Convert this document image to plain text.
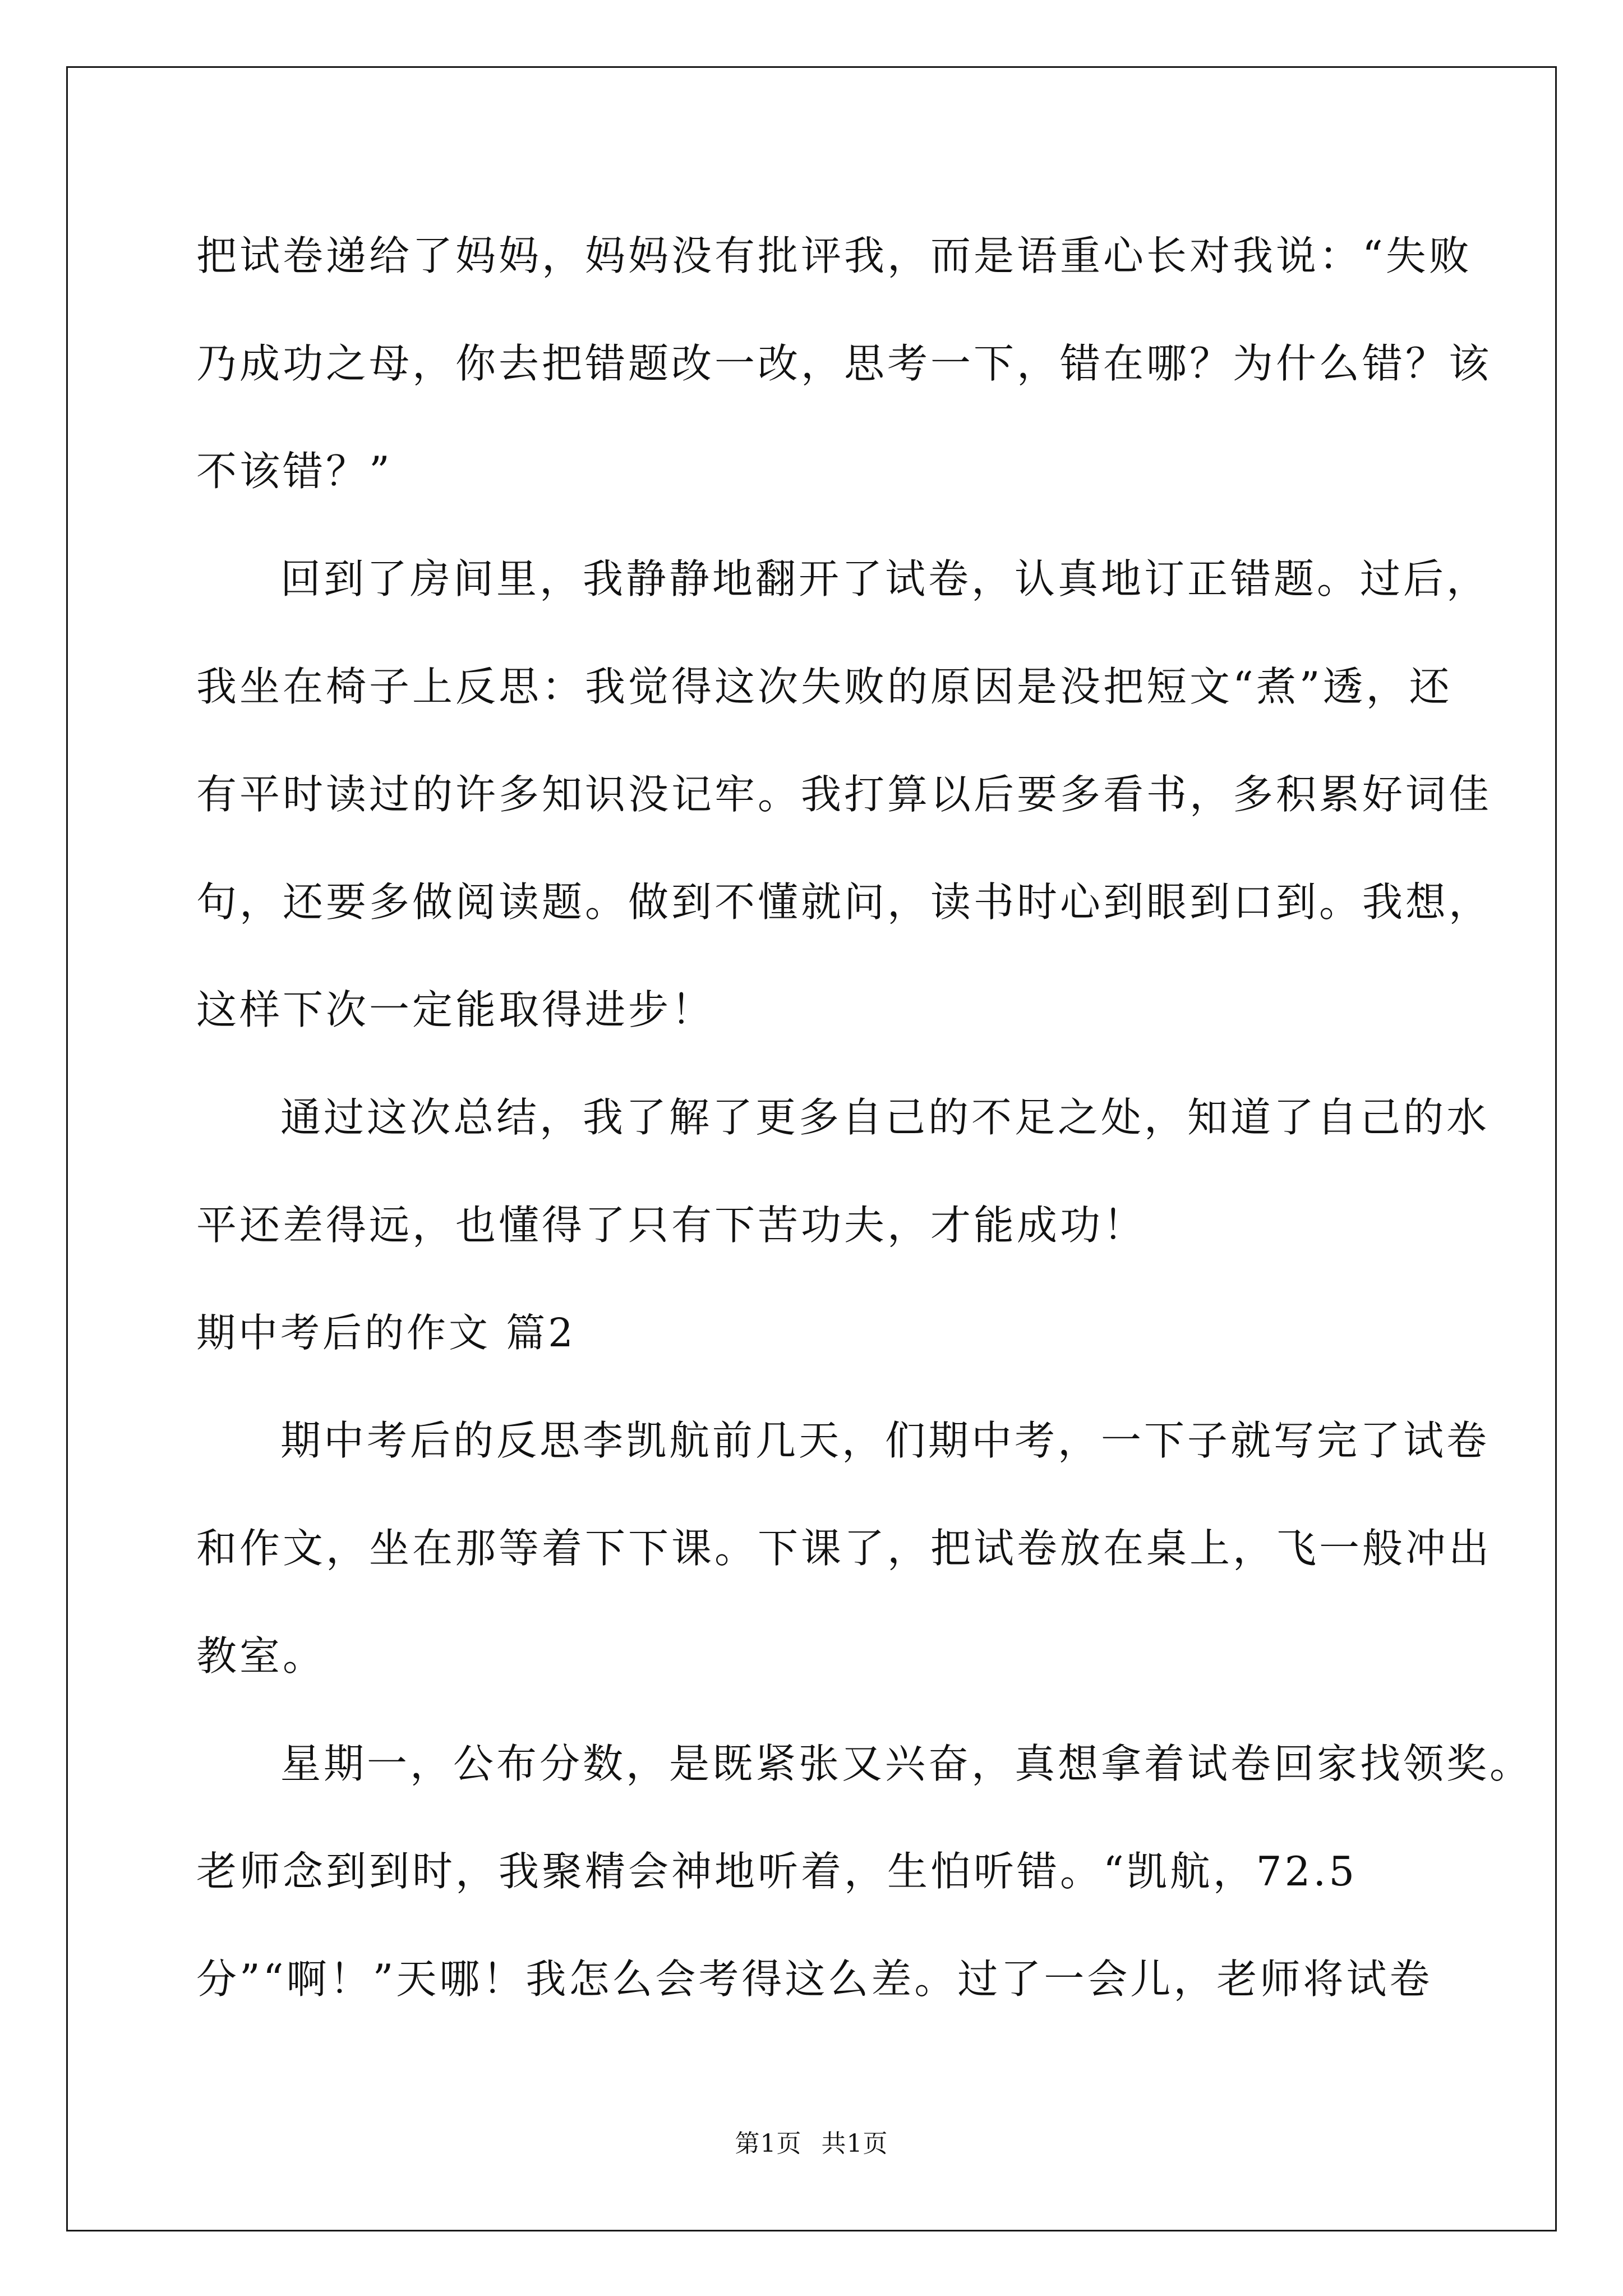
把试卷递给了妈妈，妈妈没有批评我，而是语重心长对我说：“失败
乃成功之母，你去把错题改一改，思考一下，错在哪？为什么错？该
不该错？”
回到了房间里，我静静地翻开了试卷，认真地订正错题。过后，
我坐在椅子上反思：我觉得这次失败的原因是没把短文“煮”透，还
有平时读过的许多知识没记牢。我打算以后要多看书，多积累好词佳
句，还要多做阅读题。做到不懂就问，读书时心到眼到口到。我想，
这样下次一定能取得进步！
通过这次总结，我了解了更多自己的不足之处，知道了自己的水
平还差得远，也懂得了只有下苦功夫，才能成功！
期中考后的作文 篇2
期中考后的反思李凯航前几天，们期中考，一下子就写完了试卷
和作文，坐在那等着下下课。下课了，把试卷放在桌上，飞一般冲出
教室。
星期一，公布分数，是既紧张又兴奋，真想拿着试卷回家找领奖。
老师念到到时，我聚精会神地听着，生怕听错。“凯航，72.5
分”“啊！”天哪！我怎么会考得这么差。过了一会儿，老师将试卷
第1页 共1页
